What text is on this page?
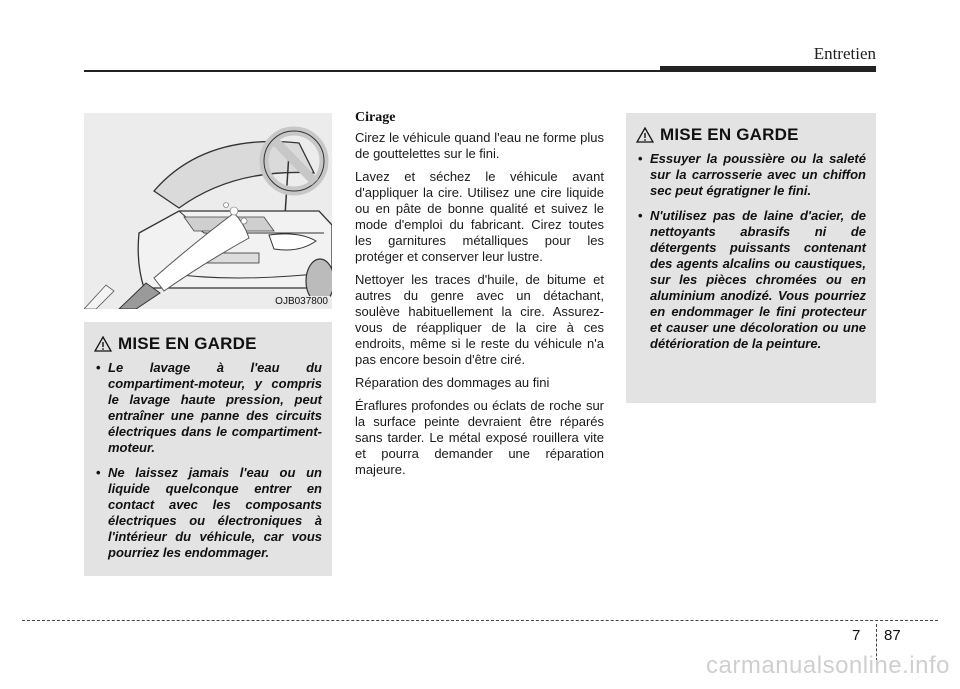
Entretien
OJB037800
MISE EN GARDE
• Le lavage à l'eau du compartiment-moteur, y compris le lavage haute pression, peut entraîner une panne des circuits électriques dans le compartiment-moteur.
• Ne laissez jamais l'eau ou un liquide quelconque entrer en contact avec les composants électriques ou électroniques à l'intérieur du véhicule, car vous pourriez les endommager.
Cirage

Cirez le véhicule quand l'eau ne forme plus de gouttelettes sur le fini.

Lavez et séchez le véhicule avant d'appliquer la cire. Utilisez une cire liquide ou en pâte de bonne qualité et suivez le mode d'emploi du fabricant. Cirez toutes les garnitures métalliques pour les protéger et conserver leur lustre.

Nettoyer les traces d'huile, de bitume et autres du genre avec un détachant, soulève habituellement la cire. Assurez-vous de réappliquer de la cire à ces endroits, même si le reste du véhicule n'a pas encore besoin d'être ciré.

Réparation des dommages au fini

Éraflures profondes ou éclats de roche sur la surface peinte devraient être réparés sans tarder. Le métal exposé rouillera vite et pourra demander une réparation majeure.

MISE EN GARDE
• Essuyer la poussière ou la saleté sur la carrosserie avec un chiffon sec peut égratigner le fini.
• N'utilisez pas de laine d'acier, de nettoyants abrasifs ni de détergents puissants contenant des agents alcalins ou caustiques, sur les pièces chromées ou en aluminium anodizé. Vous pourriez en endommager le fini protecteur et causer une décoloration ou une détérioration de la peinture.
7 87
carmanualsonline.info
